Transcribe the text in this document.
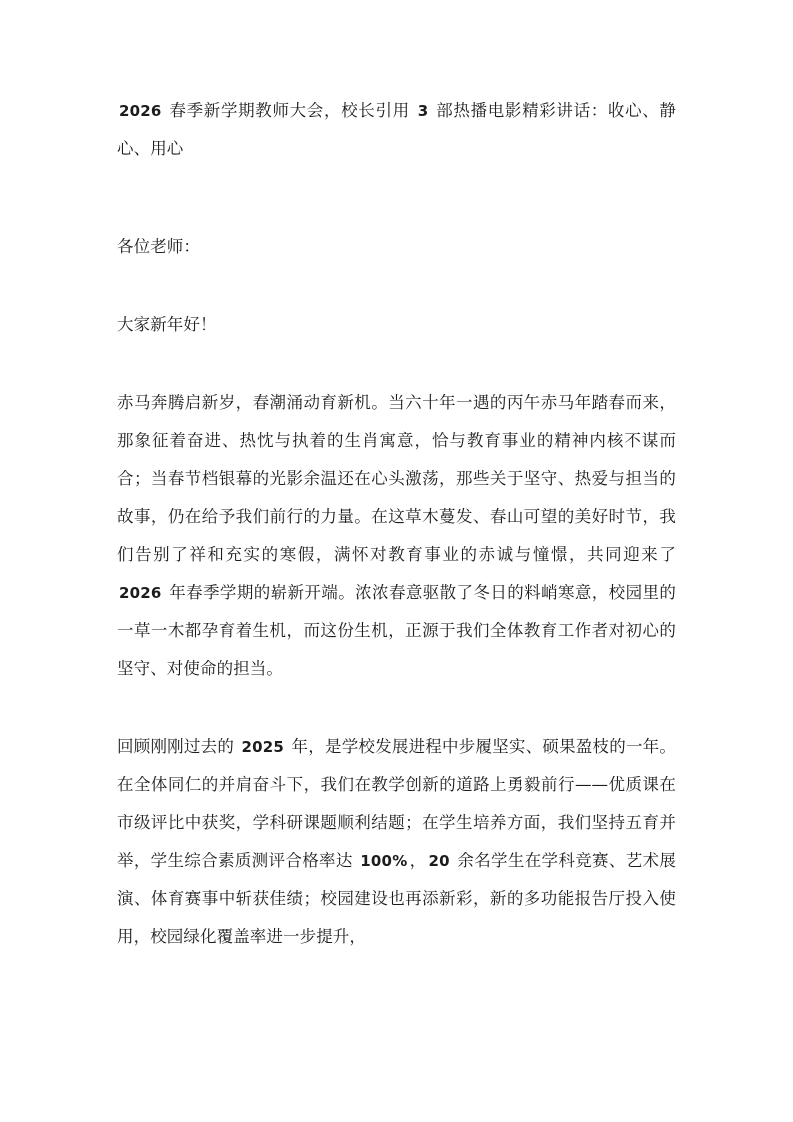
2026 春季新学期教师大会，校长引用 3 部热播电影精彩讲话：收心、静心、用心

各位老师：

大家新年好！

赤马奔腾启新岁，春潮涌动育新机。当六十年一遇的丙午赤马年踏春而来，那象征着奋进、热忱与执着的生肖寓意，恰与教育事业的精神内核不谋而合；当春节档银幕的光影余温还在心头激荡，那些关于坚守、热爱与担当的故事，仍在给予我们前行的力量。在这草木蔓发、春山可望的美好时节，我们告别了祥和充实的寒假，满怀对教育事业的赤诚与憧憬，共同迎来了 2026 年春季学期的崭新开端。浓浓春意驱散了冬日的料峭寒意，校园里的一草一木都孕育着生机，而这份生机，正源于我们全体教育工作者对初心的坚守、对使命的担当。

回顾刚刚过去的 2025 年，是学校发展进程中步履坚实、硕果盈枝的一年。在全体同仁的并肩奋斗下，我们在教学创新的道路上勇毅前行——优质课在市级评比中获奖，学科研课题顺利结题；在学生培养方面，我们坚持五育并举，学生综合素质测评合格率达 100% ， 20 余名学生在学科竞赛、艺术展演、体育赛事中斩获佳绩；校园建设也再添新彩，新的多功能报告厅投入使用，校园绿化覆盖率进一步提升，
